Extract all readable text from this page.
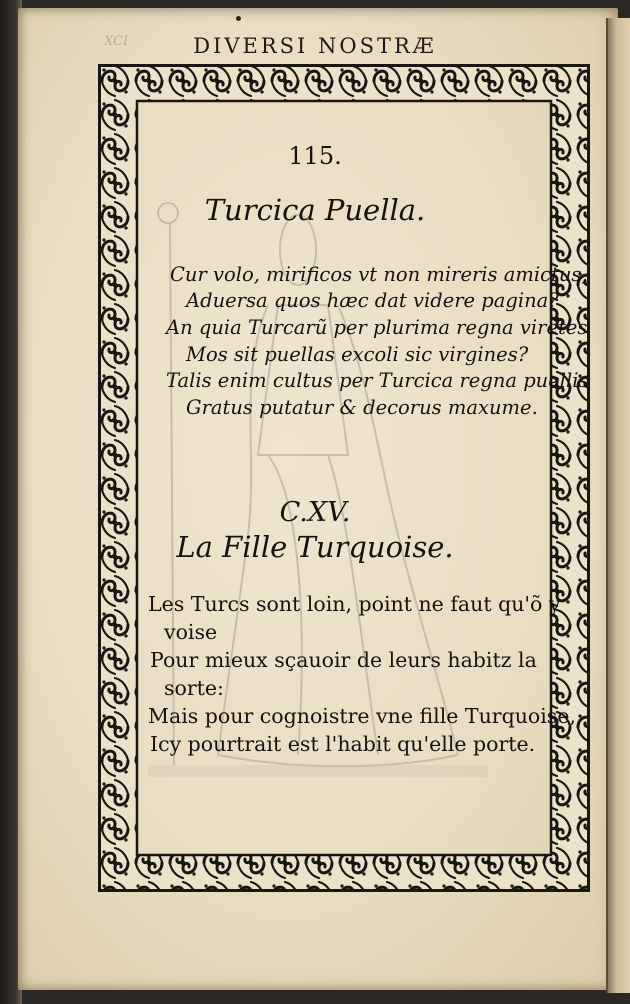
XCI	DIVERSI NOSTRÆ
115.
Turcica Puella.
Cur volo, mirificos vt non mireris amictus,
Aduersa quos hæc dat videre pagina?
An quia Turcarũ per plurima regna virẽtes
Mos sit puellas excoli sic virgines?
Talis enim cultus per Turcica regna puellis
Gratus putatur & decorus maxume.
C.XV.
La Fille Turquoise.
Les Turcs sont loin, point ne faut qu'õ y
voise
Pour mieux sçauoir de leurs habitz la
sorte:
Mais pour cognoistre vne fille Turquoise,
Icy pourtrait est l'habit qu'elle porte.
